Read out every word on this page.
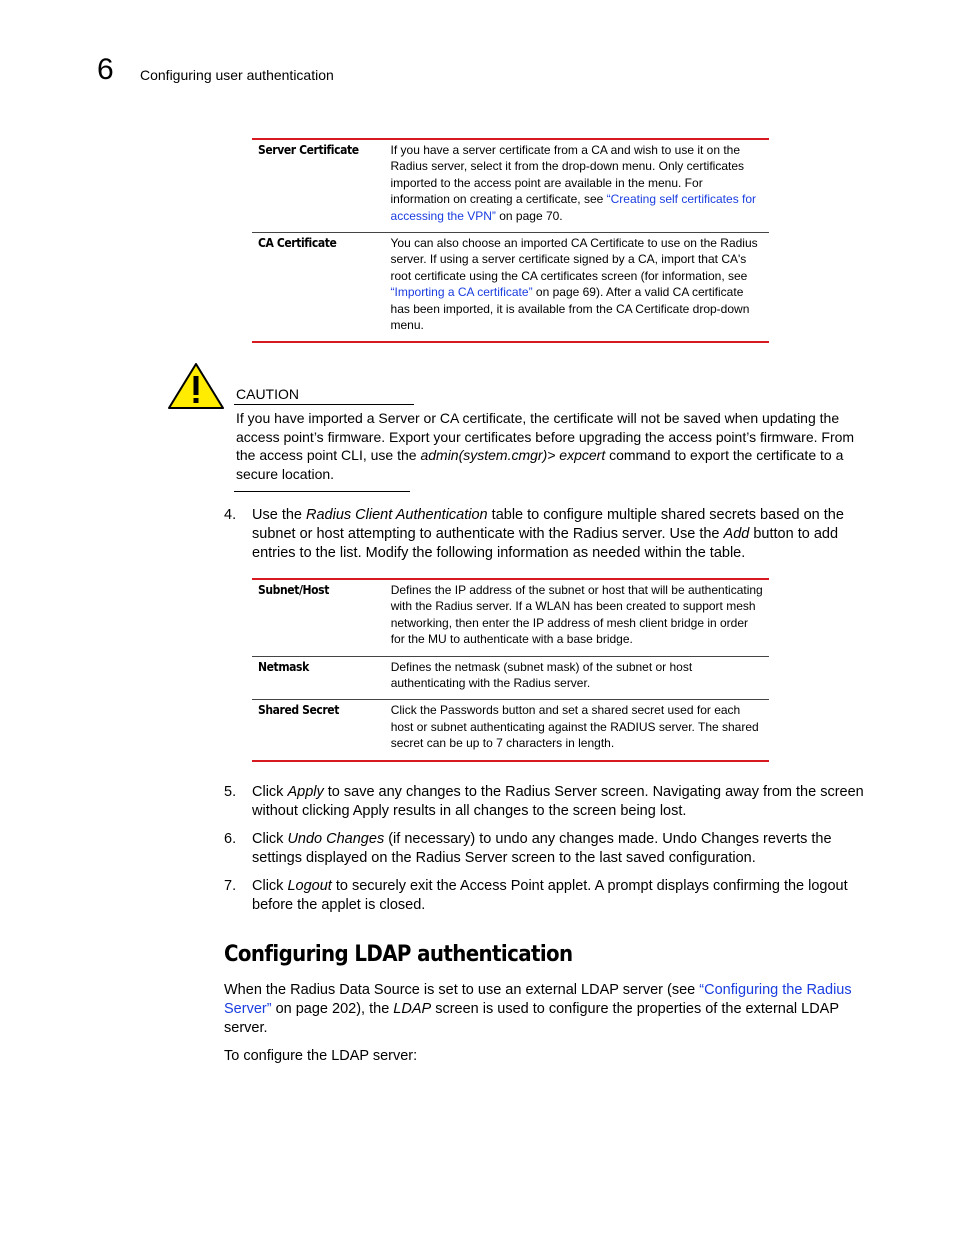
6 Configuring user authentication
Server Certificate	If you have a server certificate from a CA and wish to use it on the Radius server, select it from the drop-down menu. Only certificates imported to the access point are available in the menu. For information on creating a certificate, see “Creating self certificates for accessing the VPN” on page 70.
CA Certificate	You can also choose an imported CA Certificate to use on the Radius server. If using a server certificate signed by a CA, import that CA's root certificate using the CA certificates screen (for information, see “Importing a CA certificate” on page 69). After a valid CA certificate has been imported, it is available from the CA Certificate drop-down menu.
CAUTION
If you have imported a Server or CA certificate, the certificate will not be saved when updating the access point’s firmware. Export your certificates before upgrading the access point’s firmware. From the access point CLI, use the admin(system.cmgr)> expcert command to export the certificate to a secure location.
4. Use the Radius Client Authentication table to configure multiple shared secrets based on the subnet or host attempting to authenticate with the Radius server. Use the Add button to add entries to the list. Modify the following information as needed within the table.
Subnet/Host	Defines the IP address of the subnet or host that will be authenticating with the Radius server. If a WLAN has been created to support mesh networking, then enter the IP address of mesh client bridge in order for the MU to authenticate with a base bridge.
Netmask	Defines the netmask (subnet mask) of the subnet or host authenticating with the Radius server.
Shared Secret	Click the Passwords button and set a shared secret used for each host or subnet authenticating against the RADIUS server. The shared secret can be up to 7 characters in length.
5. Click Apply to save any changes to the Radius Server screen. Navigating away from the screen without clicking Apply results in all changes to the screen being lost.
6. Click Undo Changes (if necessary) to undo any changes made. Undo Changes reverts the settings displayed on the Radius Server screen to the last saved configuration.
7. Click Logout to securely exit the Access Point applet. A prompt displays confirming the logout before the applet is closed.
Configuring LDAP authentication
When the Radius Data Source is set to use an external LDAP server (see “Configuring the Radius Server” on page 202), the LDAP screen is used to configure the properties of the external LDAP server.
To configure the LDAP server:
